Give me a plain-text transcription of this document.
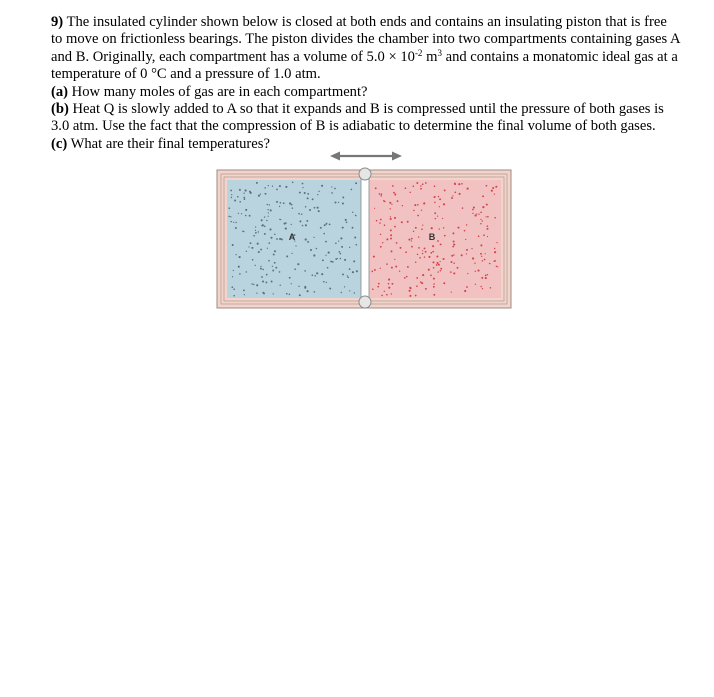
9) The insulated cylinder shown below is closed at both ends and contains an insulating piston that is free to move on frictionless bearings. The piston divides the chamber into two compartments containing gases A and B. Originally, each compartment has a volume of $5.0 \times 10^{-2}$ $m^3$ and contains a monatomic ideal gas at a temperature of 0 °C and a pressure of 1.0 atm.

(a) How many moles of gas are in each compartment?

(b) Heat Q is slowly added to A so that it expands and B is compressed until the pressure of both gases is

3.0 atm. Use the fact that the compression of B is adiabatic to determine the final volume of both gases.

(c) What are their final temperatures?

A	B
